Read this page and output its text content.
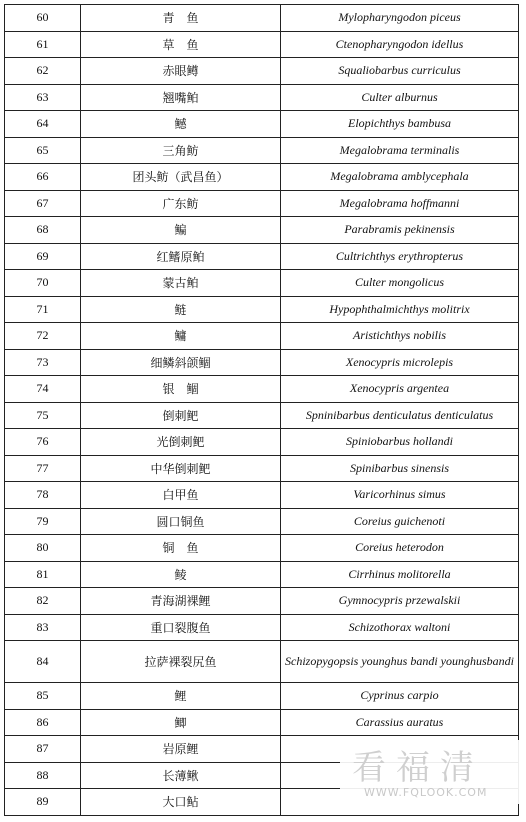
60	青　鱼	Mylopharyngodon piceus
61	草　鱼	Ctenopharyngodon idellus
62	赤眼鳟	Squaliobarbus curriculus
63	翘嘴鲌	Culter alburnus
64	鳡	Elopichthys bambusa
65	三角鲂	Megalobrama terminalis
66	团头鲂（武昌鱼）	Megalobrama amblycephala
67	广东鲂	Megalobrama hoffmanni
68	鳊	Parabramis pekinensis
69	红鳍原鲌	Cultrichthys erythropterus
70	蒙古鲌	Culter mongolicus
71	鲢	Hypophthalmichthys molitrix
72	鳙	Aristichthys nobilis
73	细鳞斜颌鲴	Xenocypris microlepis
74	银　鲴	Xenocypris argentea
75	倒刺鲃	Spninibarbus denticulatus denticulatus
76	光倒刺鲃	Spiniobarbus hollandi
77	中华倒刺鲃	Spinibarbus sinensis
78	白甲鱼	Varicorhinus simus
79	圆口铜鱼	Coreius guichenoti
80	铜　鱼	Coreius heterodon
81	鲮	Cirrhinus molitorella
82	青海湖裸鲤	Gymnocypris przewalskii
83	重口裂腹鱼	Schizothorax waltoni
84	拉萨裸裂尻鱼	Schizopygopsis younghus bandi younghusbandi
85	鲤	Cyprinus carpio
86	鲫	Carassius auratus
87	岩原鲤	
88	长薄鳅	
89	大口鲇	
看福清
WWW.FQLOOK.COM
